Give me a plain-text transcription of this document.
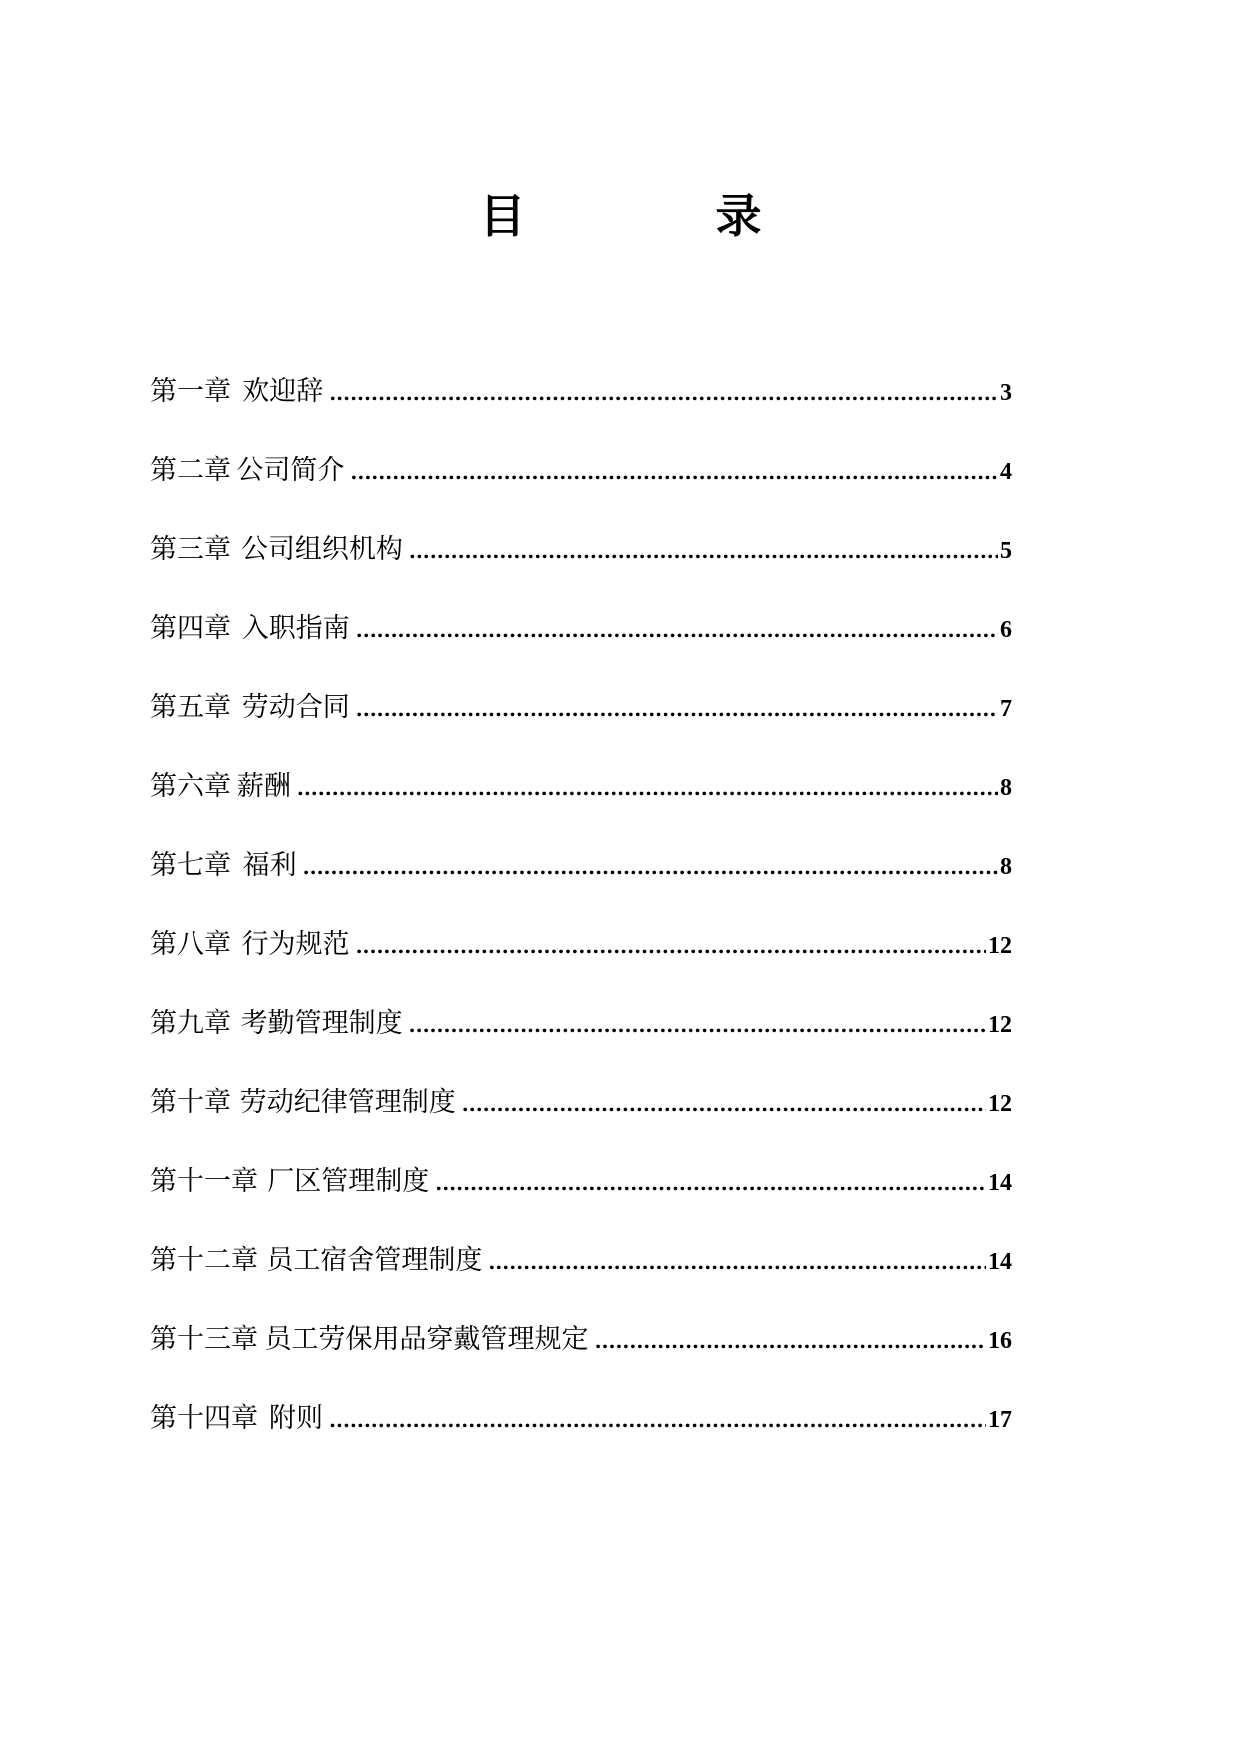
目　录
第一章 欢迎辞 .....	3
第二章 公司简介 .....	4
第三章 公司组织机构 .....	5
第四章 入职指南 .....	6
第五章 劳动合同 .....	7
第六章 薪酬 .....	8
第七章 福利 .....	8
第八章 行为规范 .....	12
第九章 考勤管理制度 .....	12
第十章 劳动纪律管理制度 .....	12
第十一章 厂区管理制度 .....	14
第十二章 员工宿舍管理制度 .....	14
第十三章 员工劳保用品穿戴管理规定 .....	16
第十四章 附则 .....	17
